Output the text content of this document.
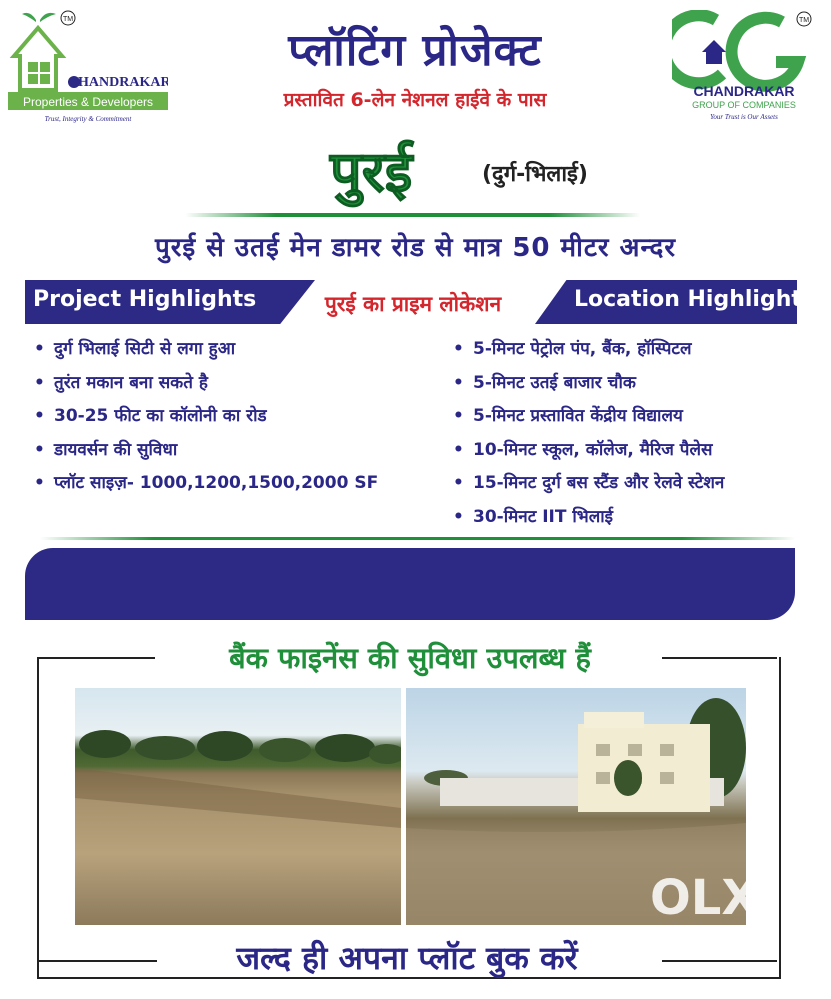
HANDRAKAR
Properties & Developers
Trust, Integrity & Commitment
TM
CHANDRAKAR
GROUP OF COMPANIES
Your Trust is Our Assets
TM
प्लॉटिंग प्रोजेक्ट
प्रस्तावित 6-लेन नेशनल हाईवे के पास
पुरई	(दुर्ग-भिलाई)
पुरई से उतई मेन डामर रोड से मात्र 50 मीटर अन्दर
Project Highlights	Location Highlights
पुरई का प्राइम लोकेशन
• दुर्ग भिलाई सिटी से लगा हुआ
• तुरंत मकान बना सकते है
• 30-25 फीट का कॉलोनी का रोड
• डायवर्सन की सुविधा
• प्लॉट साइज़- 1000,1200,1500,2000 SF
• 5-मिनट पेट्रोल पंप, बैंक, हॉस्पिटल
• 5-मिनट उतई बाजार चौक
• 5-मिनट प्रस्तावित केंद्रीय विद्यालय
• 10-मिनट स्कूल, कॉलेज, मैरिज पैलेस
• 15-मिनट दुर्ग बस स्टैंड और रेलवे स्टेशन
• 30-मिनट IIT भिलाई
बैंक फाइनेंस की सुविधा उपलब्ध हैं
OLX
जल्द ही अपना प्लॉट बुक करें
